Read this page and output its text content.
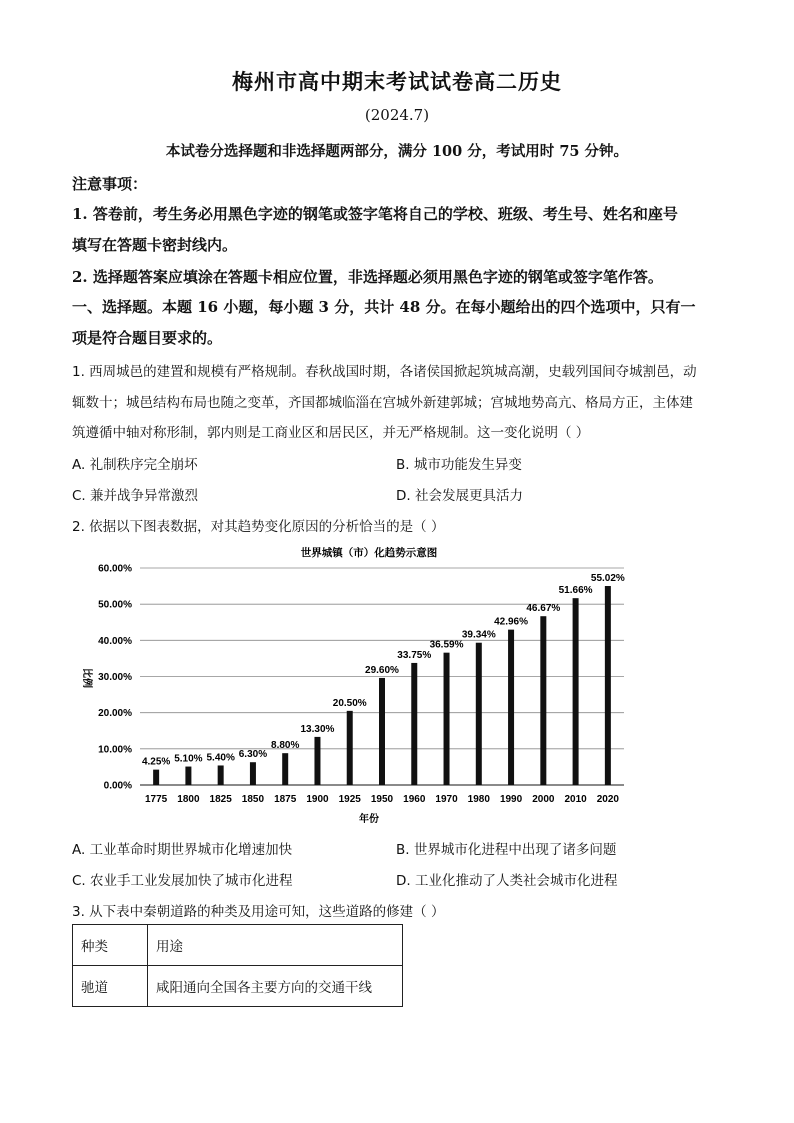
梅州市高中期末考试试卷高二历史
(2024.7)
本试卷分选择题和非选择题两部分，满分 100 分，考试用时 75 分钟。
注意事项：
1. 答卷前，考生务必用黑色字迹的钢笔或签字笔将自己的学校、班级、考生号、姓名和座号
填写在答题卡密封线内。
2. 选择题答案应填涂在答题卡相应位置，非选择题必须用黑色字迹的钢笔或签字笔作答。
一、选择题。本题 16 小题，每小题 3 分，共计 48 分。在每小题给出的四个选项中，只有一
项是符合题目要求的。
1. 西周城邑的建置和规模有严格规制。春秋战国时期，各诸侯国掀起筑城高潮，史载列国间夺城割邑，动
辄数十；城邑结构布局也随之变革，齐国都城临淄在宫城外新建郭城；宫城地势高亢、格局方正，主体建
筑遵循中轴对称形制，郭内则是工商业区和居民区，并无严格规制。这一变化说明（ ）
A. 礼制秩序完全崩坏	B. 城市功能发生异变
C. 兼并战争异常激烈	D. 社会发展更具活力
2. 依据以下图表数据，对其趋势变化原因的分析恰当的是（ ）
世界城镇（市）化趋势示意图
0.00%
10.00%
20.00%
30.00%
40.00%
50.00%
60.00%
4.25% 5.10% 5.40% 6.30%
8.80%
13.30%
20.50%
29.60%
33.75%
36.59%
39.34%
42.96%
46.67%
51.66%
55.02%
1775 1800 1825 1850 1875 1900 1925 1950 1960 1970 1980 1990 2000 2010 2020
比例
年份
A. 工业革命时期世界城市化增速加快	B. 世界城市化进程中出现了诸多问题
C. 农业手工业发展加快了城市化进程	D. 工业化推动了人类社会城市化进程
3. 从下表中秦朝道路的种类及用途可知，这些道路的修建（ ）
种类	用途
驰道	咸阳通向全国各主要方向的交通干线
